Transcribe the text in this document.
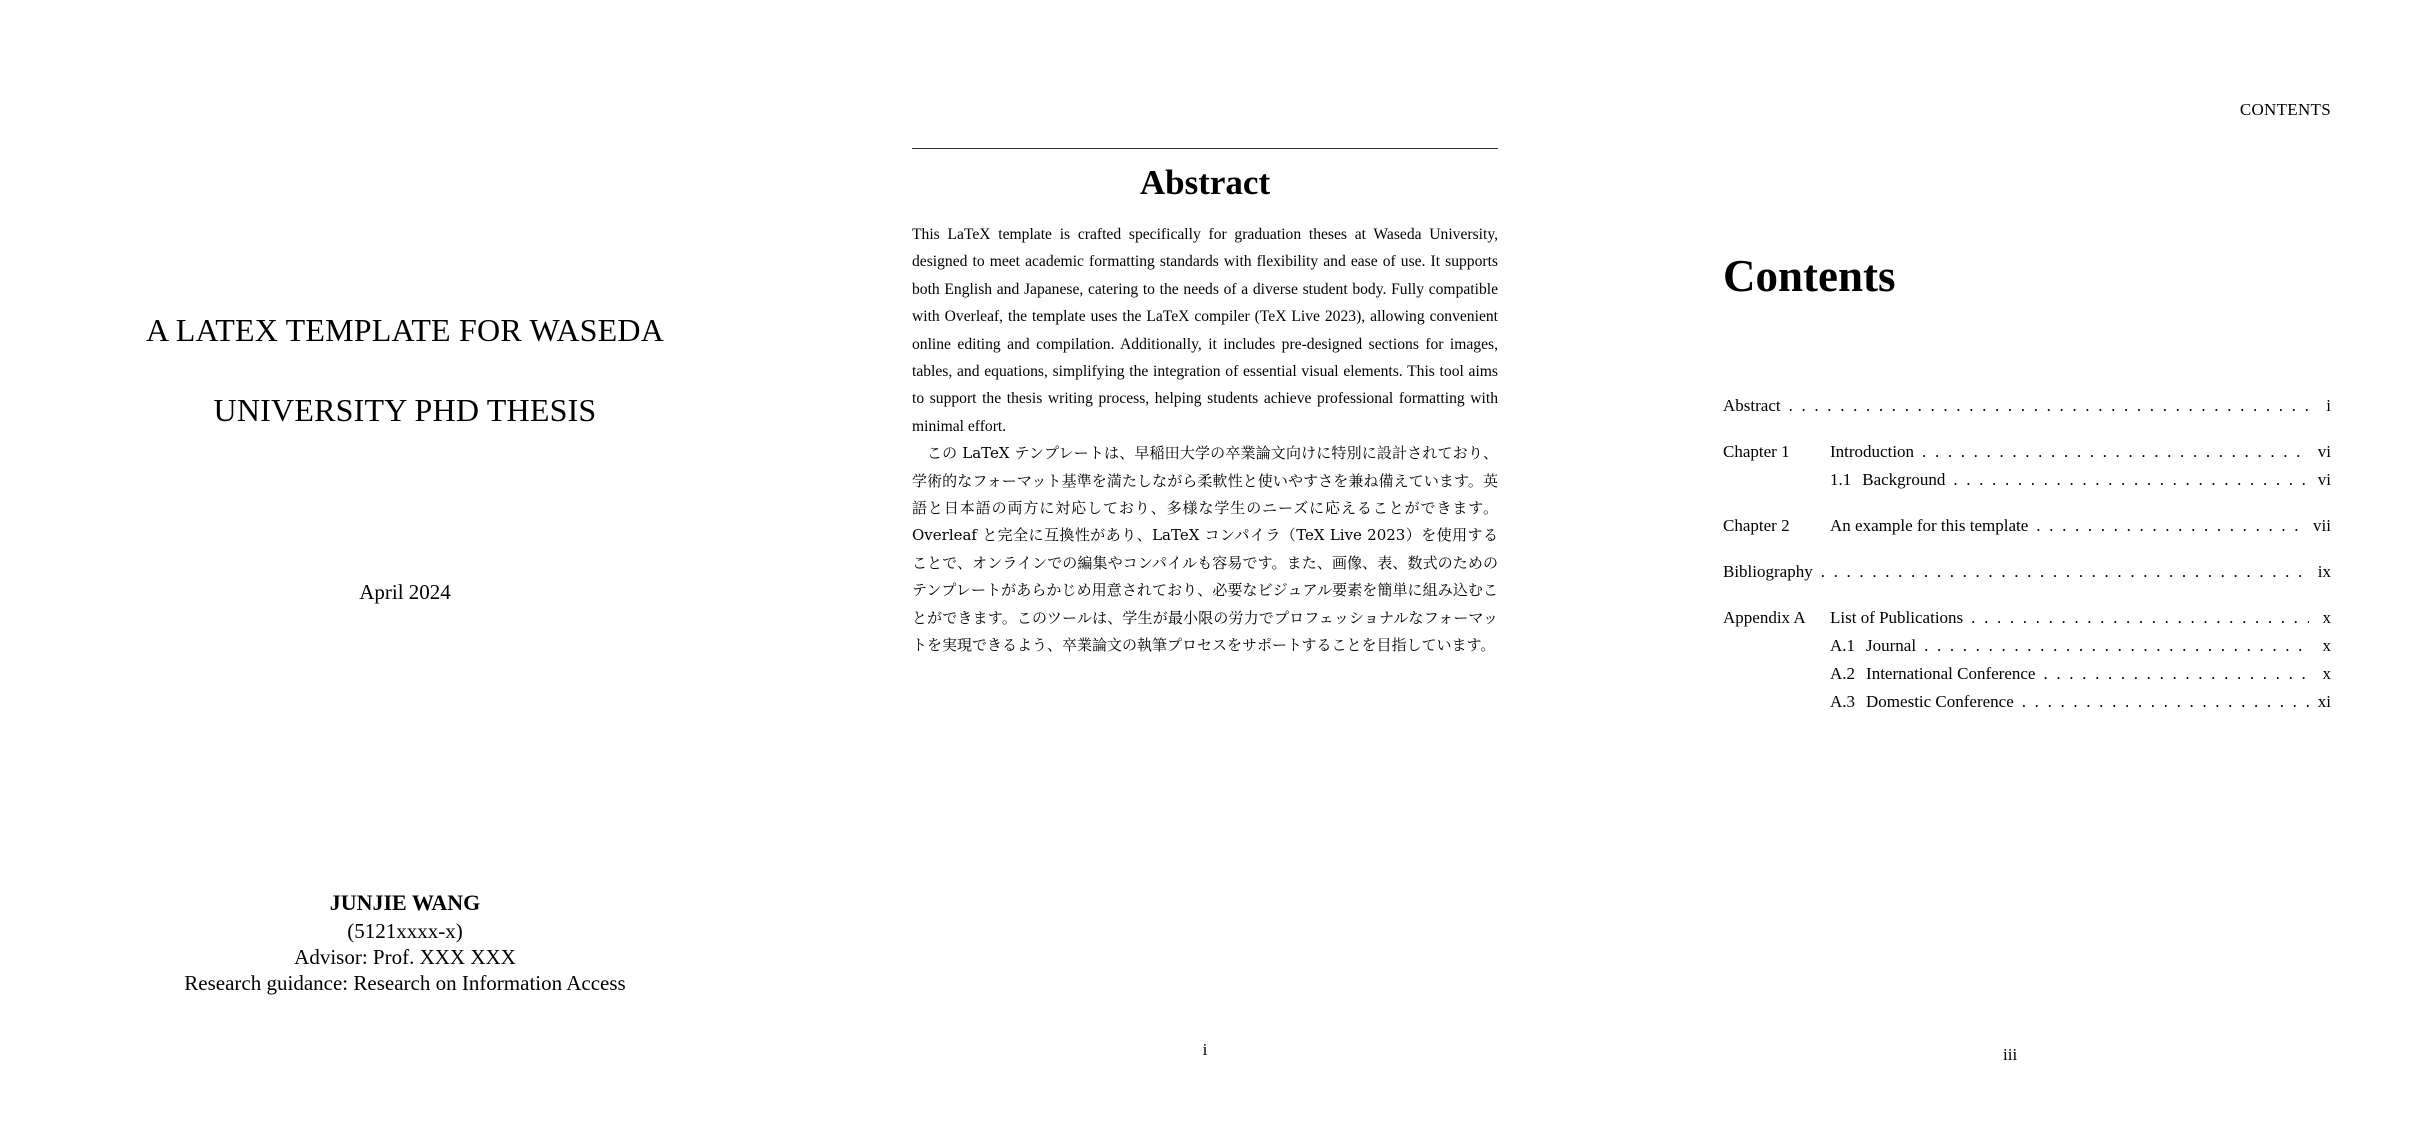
A LATEX TEMPLATE FOR WASEDA
UNIVERSITY PHD THESIS
April 2024
JUNJIE WANG
(5121xxxx-x)
Advisor: Prof. XXX XXX
Research guidance: Research on Information Access
Abstract

This LaTeX template is crafted specifically for graduation theses at Waseda University, designed to meet academic formatting standards with flexibility and ease of use. It supports both English and Japanese, catering to the needs of a diverse student body. Fully compatible with Overleaf, the template uses the LaTeX compiler (TeX Live 2023), allowing convenient online editing and compilation. Additionally, it includes pre-designed sections for images, tables, and equations, simplifying the integration of essential visual elements. This tool aims to support the thesis writing process, helping students achieve professional formatting with minimal effort.

この LaTeX テンプレートは、早稲田大学の卒業論文向けに特別に設計されており、学術的なフォーマット基準を満たしながら柔軟性と使いやすさを兼ね備えています。英語と日本語の両方に対応しており、多様な学生のニーズに応えることができます。Overleaf と完全に互換性があり、LaTeX コンパイラ（TeX Live 2023）を使用することで、オンラインでの編集やコンパイルも容易です。また、画像、表、数式のためのテンプレートがあらかじめ用意されており、必要なビジュアル要素を簡単に組み込むことができます。このツールは、学生が最小限の労力でプロフェッショナルなフォーマットを実現できるよう、卒業論文の執筆プロセスをサポートすることを目指しています。

i
CONTENTS
Contents
Abstract . . .	i
Chapter 1	Introduction . . .	vi
1.1 Background . . .	vi
Chapter 2	An example for this template . . .	vii
Bibliography . . .	ix
Appendix A	List of Publications . . .	x
A.1 Journal . . .	x
A.2 International Conference . . .	x
A.3 Domestic Conference . . .	xi
iii
